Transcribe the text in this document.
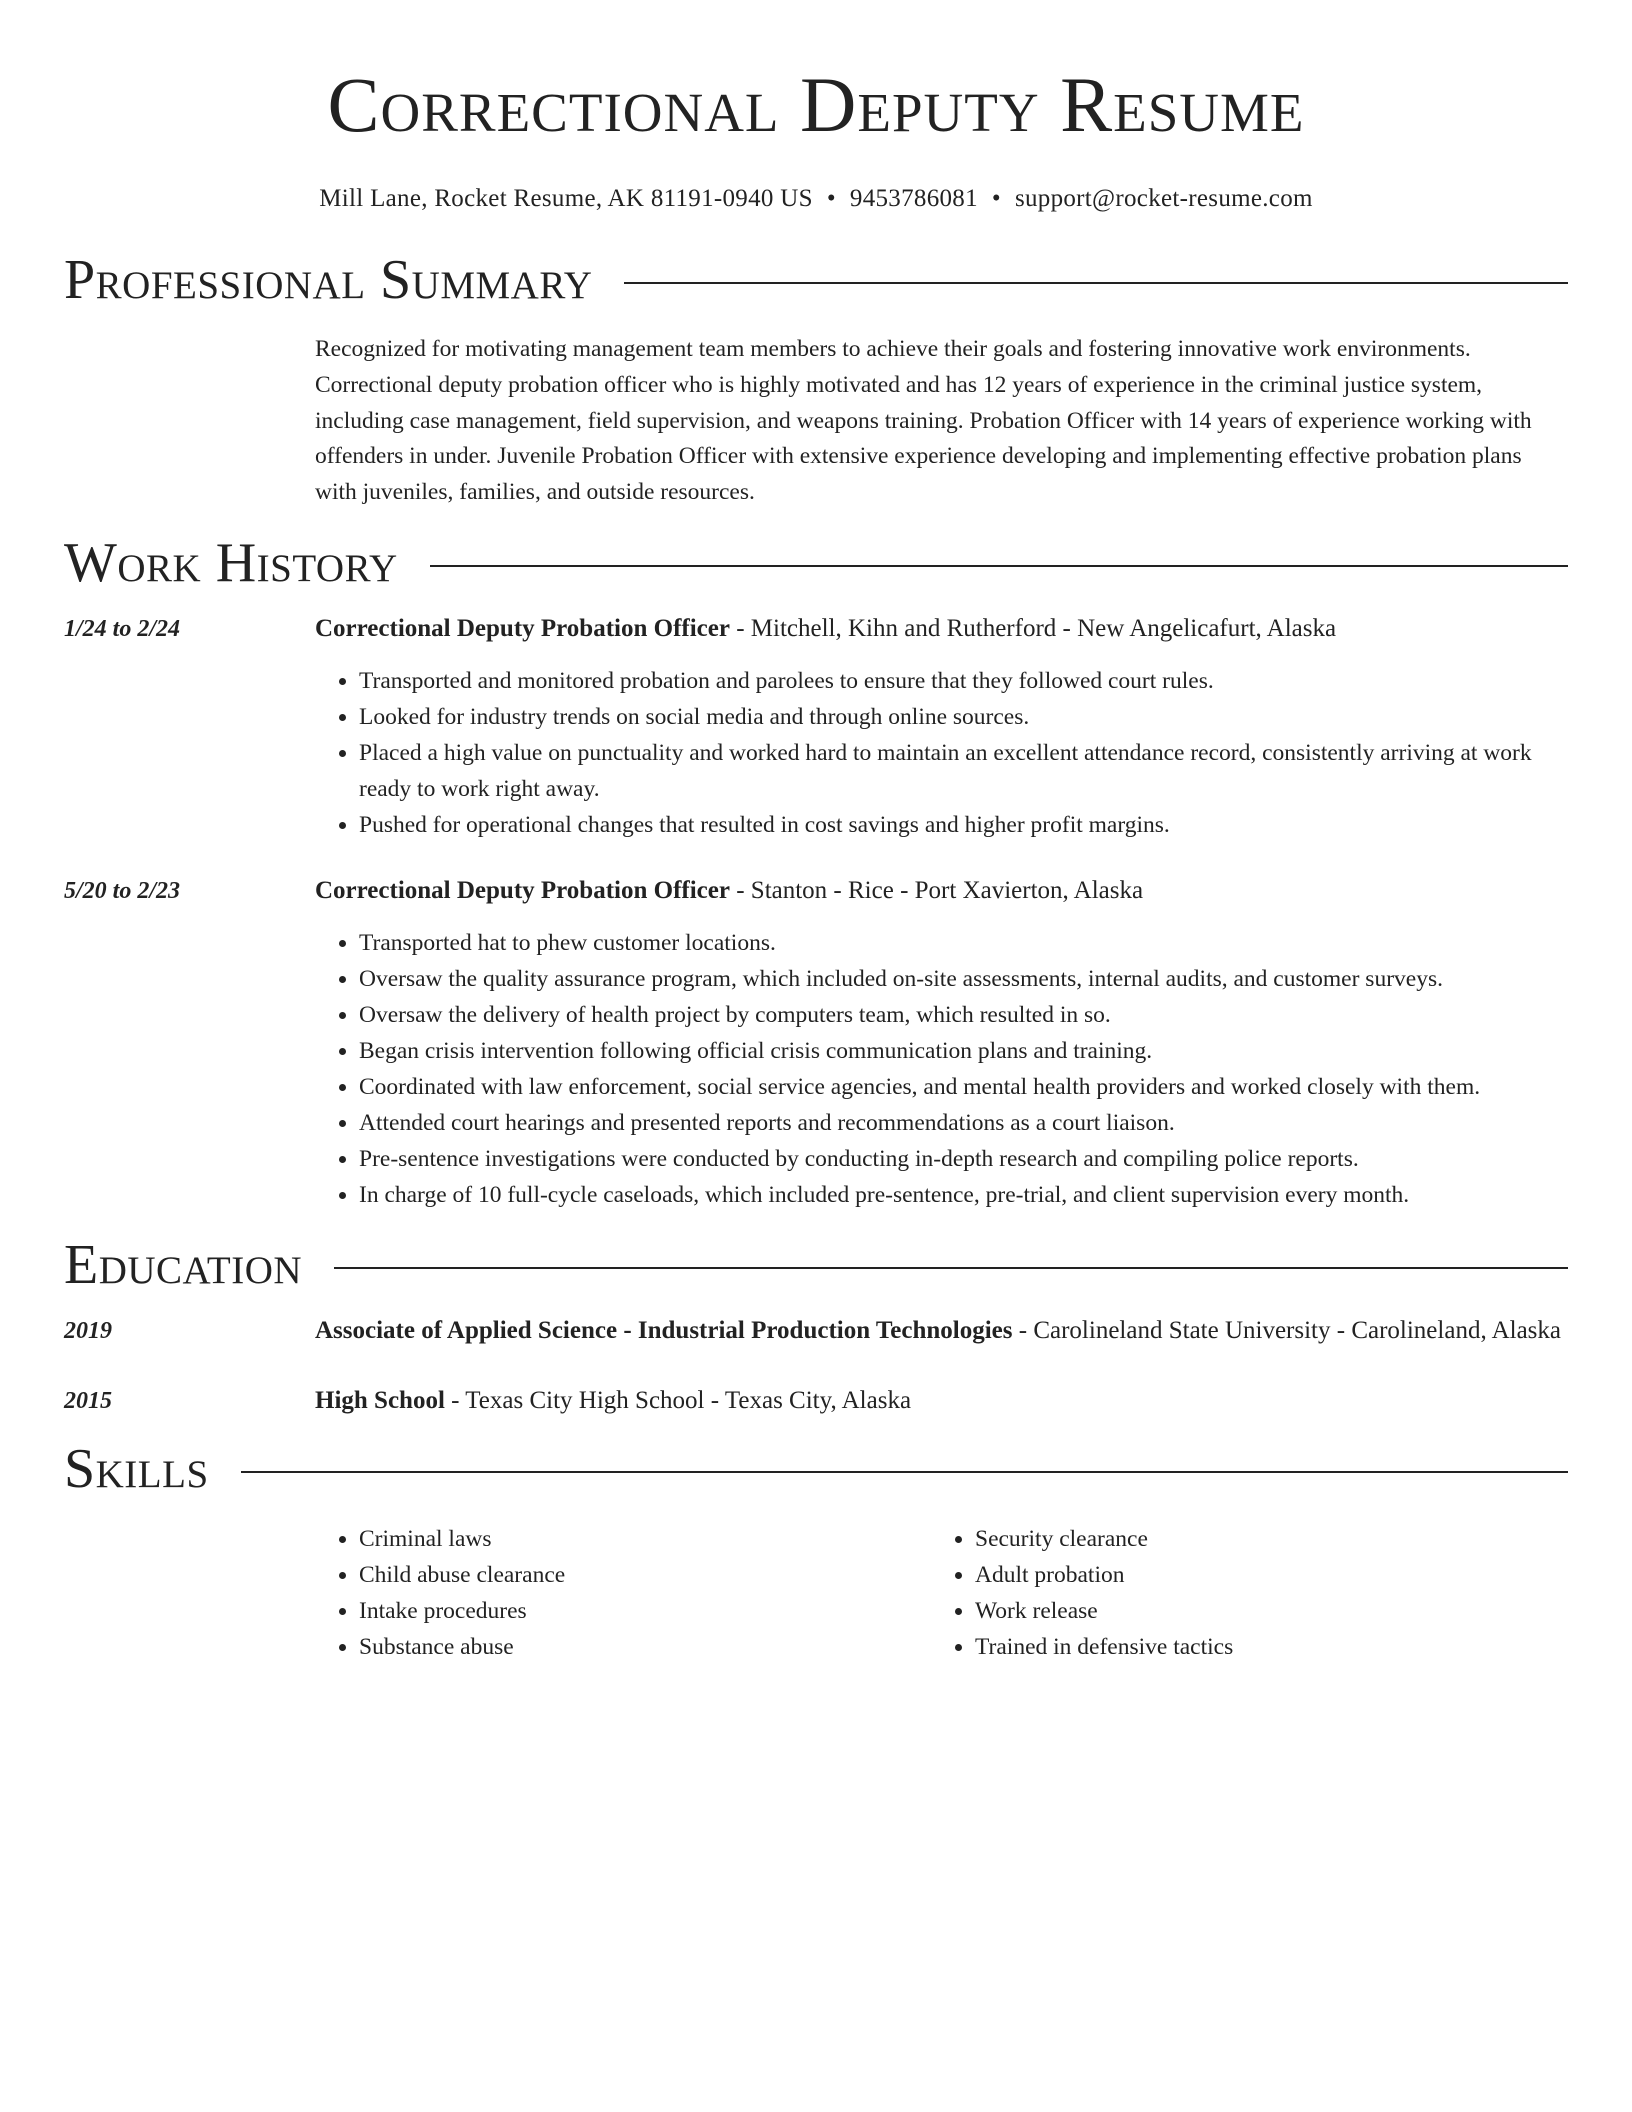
Correctional Deputy Resume
Mill Lane, Rocket Resume, AK 81191-0940 US • 9453786081 • support@rocket-resume.com
Professional Summary
Recognized for motivating management team members to achieve their goals and fostering innovative work environments. Correctional deputy probation officer who is highly motivated and has 12 years of experience in the criminal justice system, including case management, field supervision, and weapons training. Probation Officer with 14 years of experience working with offenders in under. Juvenile Probation Officer with extensive experience developing and implementing effective probation plans with juveniles, families, and outside resources.
Work History
1/24 to 2/24	Correctional Deputy Probation Officer - Mitchell, Kihn and Rutherford - New Angelicafurt, Alaska
• Transported and monitored probation and parolees to ensure that they followed court rules.
• Looked for industry trends on social media and through online sources.
• Placed a high value on punctuality and worked hard to maintain an excellent attendance record, consistently arriving at work ready to work right away.
• Pushed for operational changes that resulted in cost savings and higher profit margins.
5/20 to 2/23	Correctional Deputy Probation Officer - Stanton - Rice - Port Xavierton, Alaska
• Transported hat to phew customer locations.
• Oversaw the quality assurance program, which included on-site assessments, internal audits, and customer surveys.
• Oversaw the delivery of health project by computers team, which resulted in so.
• Began crisis intervention following official crisis communication plans and training.
• Coordinated with law enforcement, social service agencies, and mental health providers and worked closely with them.
• Attended court hearings and presented reports and recommendations as a court liaison.
• Pre-sentence investigations were conducted by conducting in-depth research and compiling police reports.
• In charge of 10 full-cycle caseloads, which included pre-sentence, pre-trial, and client supervision every month.
Education
2019	Associate of Applied Science - Industrial Production Technologies - Carolineland State University - Carolineland, Alaska
2015	High School - Texas City High School - Texas City, Alaska
Skills
• Criminal laws
• Child abuse clearance
• Intake procedures
• Substance abuse
• Security clearance
• Adult probation
• Work release
• Trained in defensive tactics
